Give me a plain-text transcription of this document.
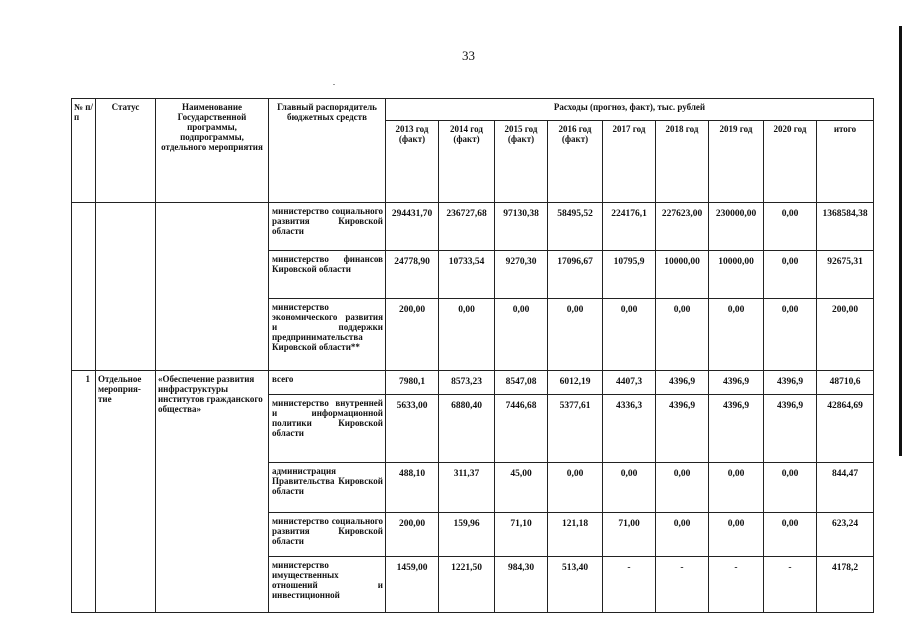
33
№ п/п	Статус	Наименование Государственной программы, подпрограммы, отдельного мероприятия	Главный распорядитель бюджетных средств	Расходы (прогноз, факт), тыс. рублей								
				2013 год (факт)	2014 год (факт)	2015 год (факт)	2016 год (факт)	2017 год	2018 год	2019 год	2020 год	итого
			министерство социального развития Кировской области	294431,70	236727,68	97130,38	58495,52	224176,1	227623,00	230000,00	0,00	1368584,38
			министерство финансов Кировской области	24778,90	10733,54	9270,30	17096,67	10795,9	10000,00	10000,00	0,00	92675,31
			министерство экономического развития и поддержки предпринимательства Кировской области**	200,00	0,00	0,00	0,00	0,00	0,00	0,00	0,00	200,00
1	Отдельное мероприя-тие	«Обеспечение развития инфраструктуры институтов гражданского общества»	всего	7980,1	8573,23	8547,08	6012,19	4407,3	4396,9	4396,9	4396,9	48710,6
			министерство внутренней и информационной политики Кировской области	5633,00	6880,40	7446,68	5377,61	4336,3	4396,9	4396,9	4396,9	42864,69
			администрация Правительства Кировской области	488,10	311,37	45,00	0,00	0,00	0,00	0,00	0,00	844,47
			министерство социального развития Кировской области	200,00	159,96	71,10	121,18	71,00	0,00	0,00	0,00	623,24
			министерство имущественных отношений и инвестиционной	1459,00	1221,50	984,30	513,40	-	-	-	-	4178,2
